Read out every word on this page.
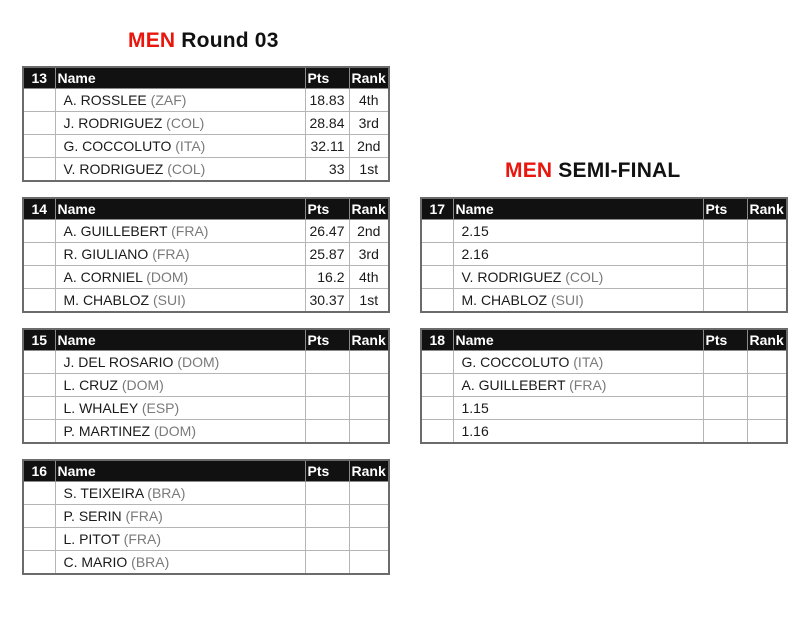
MEN Round 03
MEN SEMI-FINAL
13	Name	Pts	Rank
	A. ROSSLEE (ZAF)	18.83	4th
	J. RODRIGUEZ (COL)	28.84	3rd
	G. COCCOLUTO (ITA)	32.11	2nd
	V. RODRIGUEZ (COL)	33	1st
14	Name	Pts	Rank
	A. GUILLEBERT (FRA)	26.47	2nd
	R. GIULIANO (FRA)	25.87	3rd
	A. CORNIEL (DOM)	16.2	4th
	M. CHABLOZ (SUI)	30.37	1st
15	Name	Pts	Rank
	J. DEL ROSARIO (DOM)		
	L. CRUZ (DOM)		
	L. WHALEY (ESP)		
	P. MARTINEZ (DOM)		
16	Name	Pts	Rank
	S. TEIXEIRA (BRA)		
	P. SERIN (FRA)		
	L. PITOT (FRA)		
	C. MARIO (BRA)		
17	Name	Pts	Rank
	2.15		
	2.16		
	V. RODRIGUEZ (COL)		
	M. CHABLOZ (SUI)		
18	Name	Pts	Rank
	G. COCCOLUTO (ITA)		
	A. GUILLEBERT (FRA)		
	1.15		
	1.16		
